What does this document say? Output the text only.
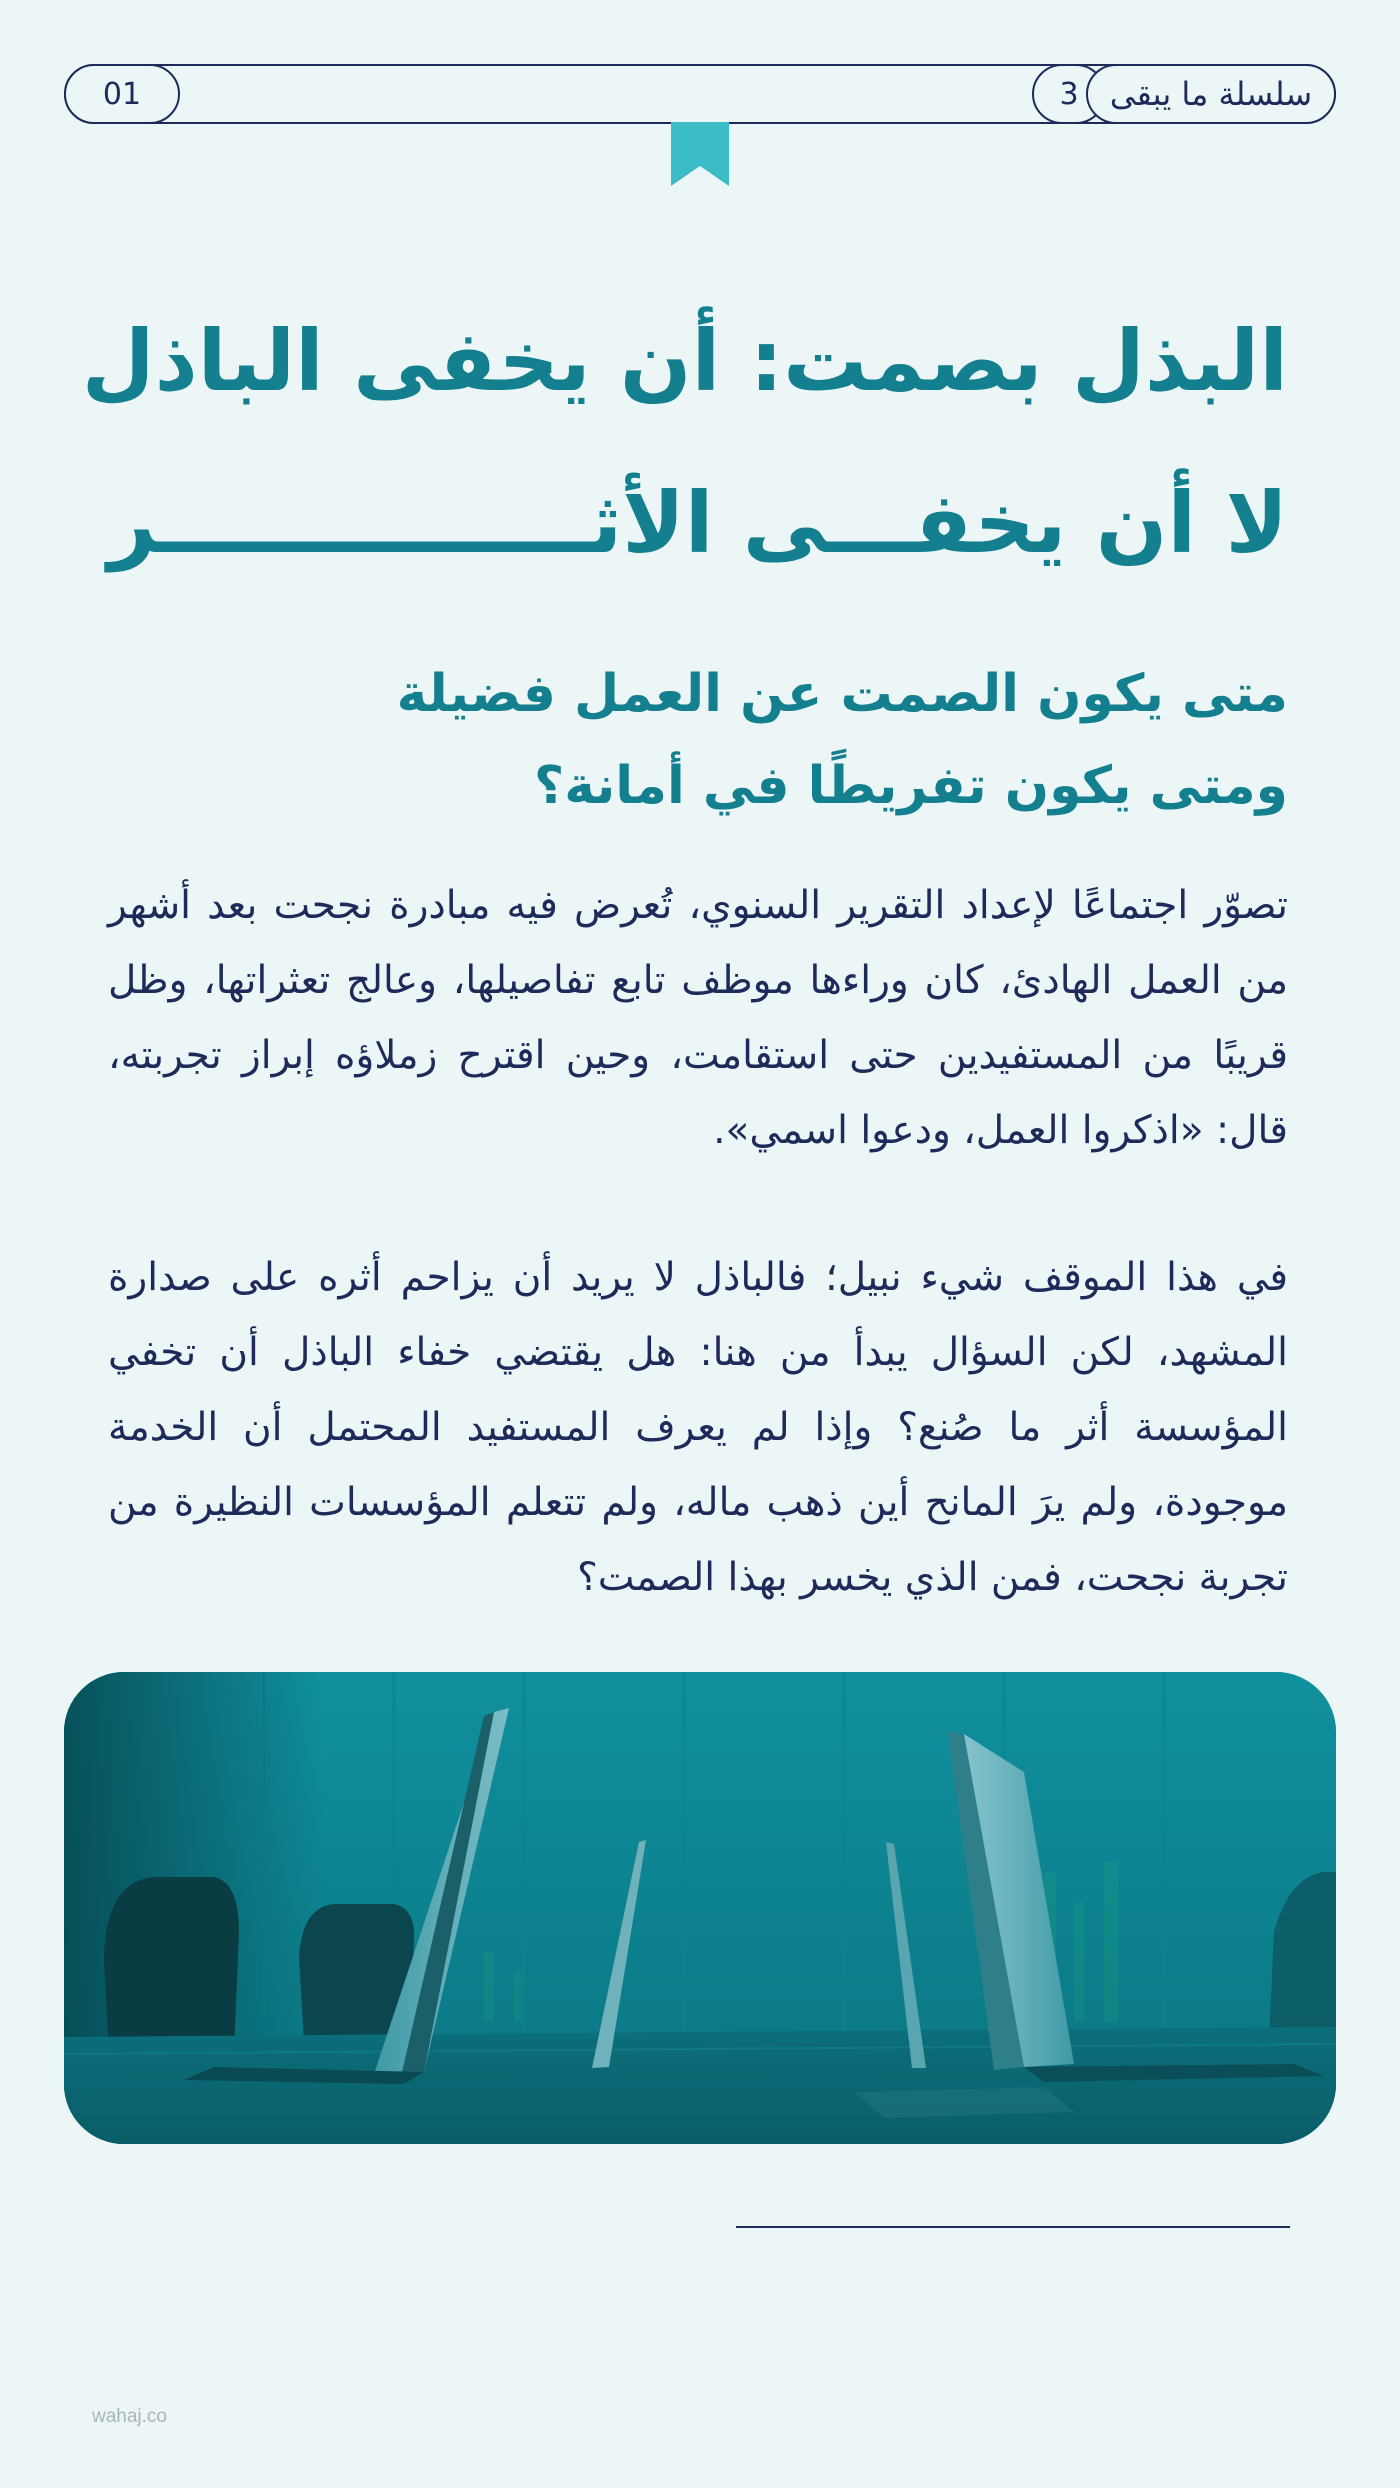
01	3 سلسلة ما يبقى
البذل بصمت: أن يخفى الباذل
لا أن يخفـــى الأثـــــــــــــــر
متى يكون الصمت عن العمل فضيلة
ومتى يكون تفريطًا في أمانة؟

تصوّر اجتماعًا لإعداد التقرير السنوي، تُعرض فيه مبادرة نجحت بعد أشهر من العمل الهادئ، كان وراءها موظف تابع تفاصيلها، وعالج تعثراتها، وظل قريبًا من المستفيدين حتى استقامت، وحين اقترح زملاؤه إبراز تجربته، قال: «اذكروا العمل، ودعوا اسمي».

في هذا الموقف شيء نبيل؛ فالباذل لا يريد أن يزاحم أثره على صدارة المشهد، لكن السؤال يبدأ من هنا: هل يقتضي خفاء الباذل أن تخفي المؤسسة أثر ما صُنع؟ وإذا لم يعرف المستفيد المحتمل أن الخدمة موجودة، ولم يرَ المانح أين ذهب ماله، ولم تتعلم المؤسسات النظيرة من تجربة نجحت، فمن الذي يخسر بهذا الصمت؟

wahaj.co
